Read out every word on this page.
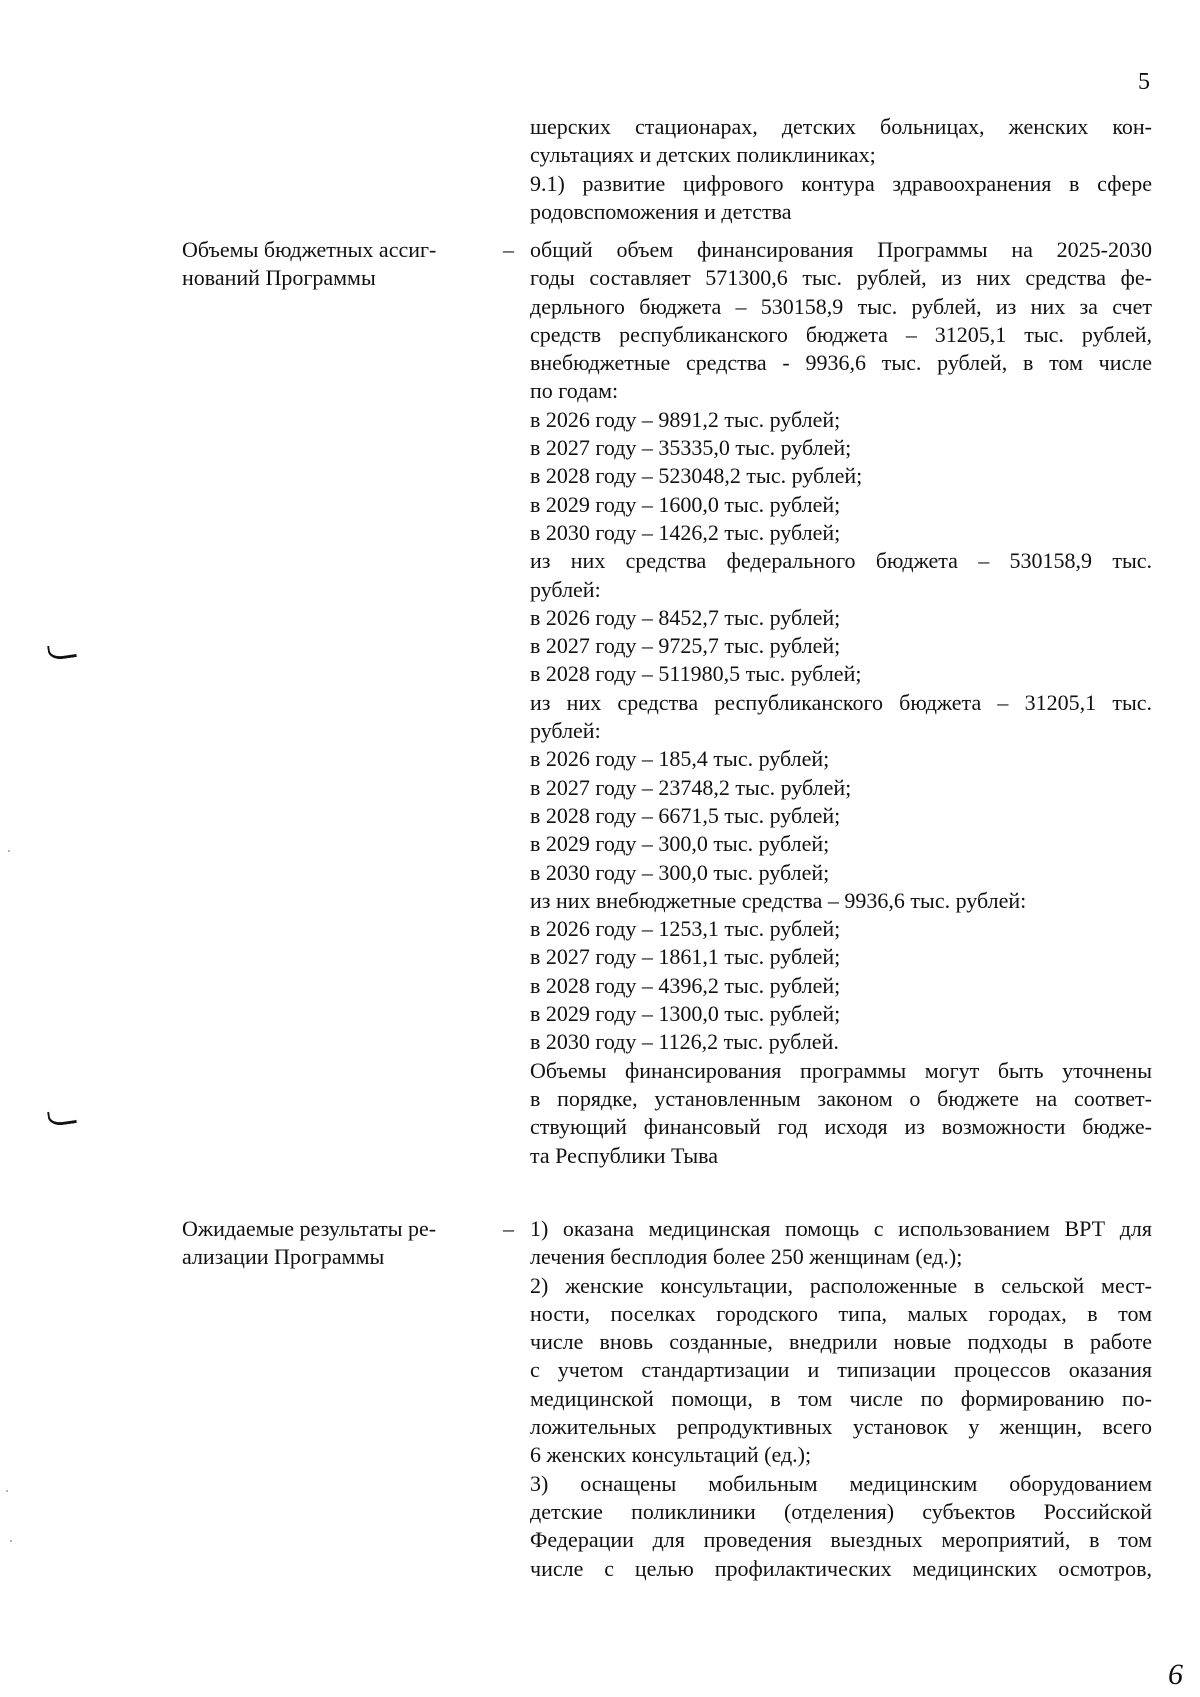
5
шерских стационарах, детских больницах, женских кон-
сультациях и детских поликлиниках;
9.1) развитие цифрового контура здравоохранения в сфере
родовспоможения и детства
Объемы бюджетных ассиг-
нований Программы
– общий объем финансирования Программы на 2025-2030
годы составляет 571300,6 тыс. рублей, из них средства фе-
дерльного бюджета – 530158,9 тыс. рублей, из них за счет
средств республиканского бюджета – 31205,1 тыс. рублей,
внебюджетные средства - 9936,6 тыс. рублей, в том числе
по годам:
в 2026 году – 9891,2 тыс. рублей;
в 2027 году – 35335,0 тыс. рублей;
в 2028 году – 523048,2 тыс. рублей;
в 2029 году – 1600,0 тыс. рублей;
в 2030 году – 1426,2 тыс. рублей;
из них средства федерального бюджета – 530158,9 тыс.
рублей:
в 2026 году – 8452,7 тыс. рублей;
в 2027 году – 9725,7 тыс. рублей;
в 2028 году – 511980,5 тыс. рублей;
из них средства республиканского бюджета – 31205,1 тыс.
рублей:
в 2026 году – 185,4 тыс. рублей;
в 2027 году – 23748,2 тыс. рублей;
в 2028 году – 6671,5 тыс. рублей;
в 2029 году – 300,0 тыс. рублей;
в 2030 году – 300,0 тыс. рублей;
из них внебюджетные средства – 9936,6 тыс. рублей:
в 2026 году – 1253,1 тыс. рублей;
в 2027 году – 1861,1 тыс. рублей;
в 2028 году – 4396,2 тыс. рублей;
в 2029 году – 1300,0 тыс. рублей;
в 2030 году – 1126,2 тыс. рублей.
Объемы финансирования программы могут быть уточнены
в порядке, установленным законом о бюджете на соответ-
ствующий финансовый год исходя из возможности бюдже-
та Республики Тыва
Ожидаемые результаты ре-
ализации Программы
– 1) оказана медицинская помощь с использованием ВРТ для
лечения бесплодия более 250 женщинам (ед.);
2) женские консультации, расположенные в сельской мест-
ности, поселках городского типа, малых городах, в том
числе вновь созданные, внедрили новые подходы в работе
с учетом стандартизации и типизации процессов оказания
медицинской помощи, в том числе по формированию по-
ложительных репродуктивных установок у женщин, всего
6 женских консультаций (ед.);
3) оснащены мобильным медицинским оборудованием
детские поликлиники (отделения) субъектов Российской
Федерации для проведения выездных мероприятий, в том
числе с целью профилактических медицинских осмотров,
6
